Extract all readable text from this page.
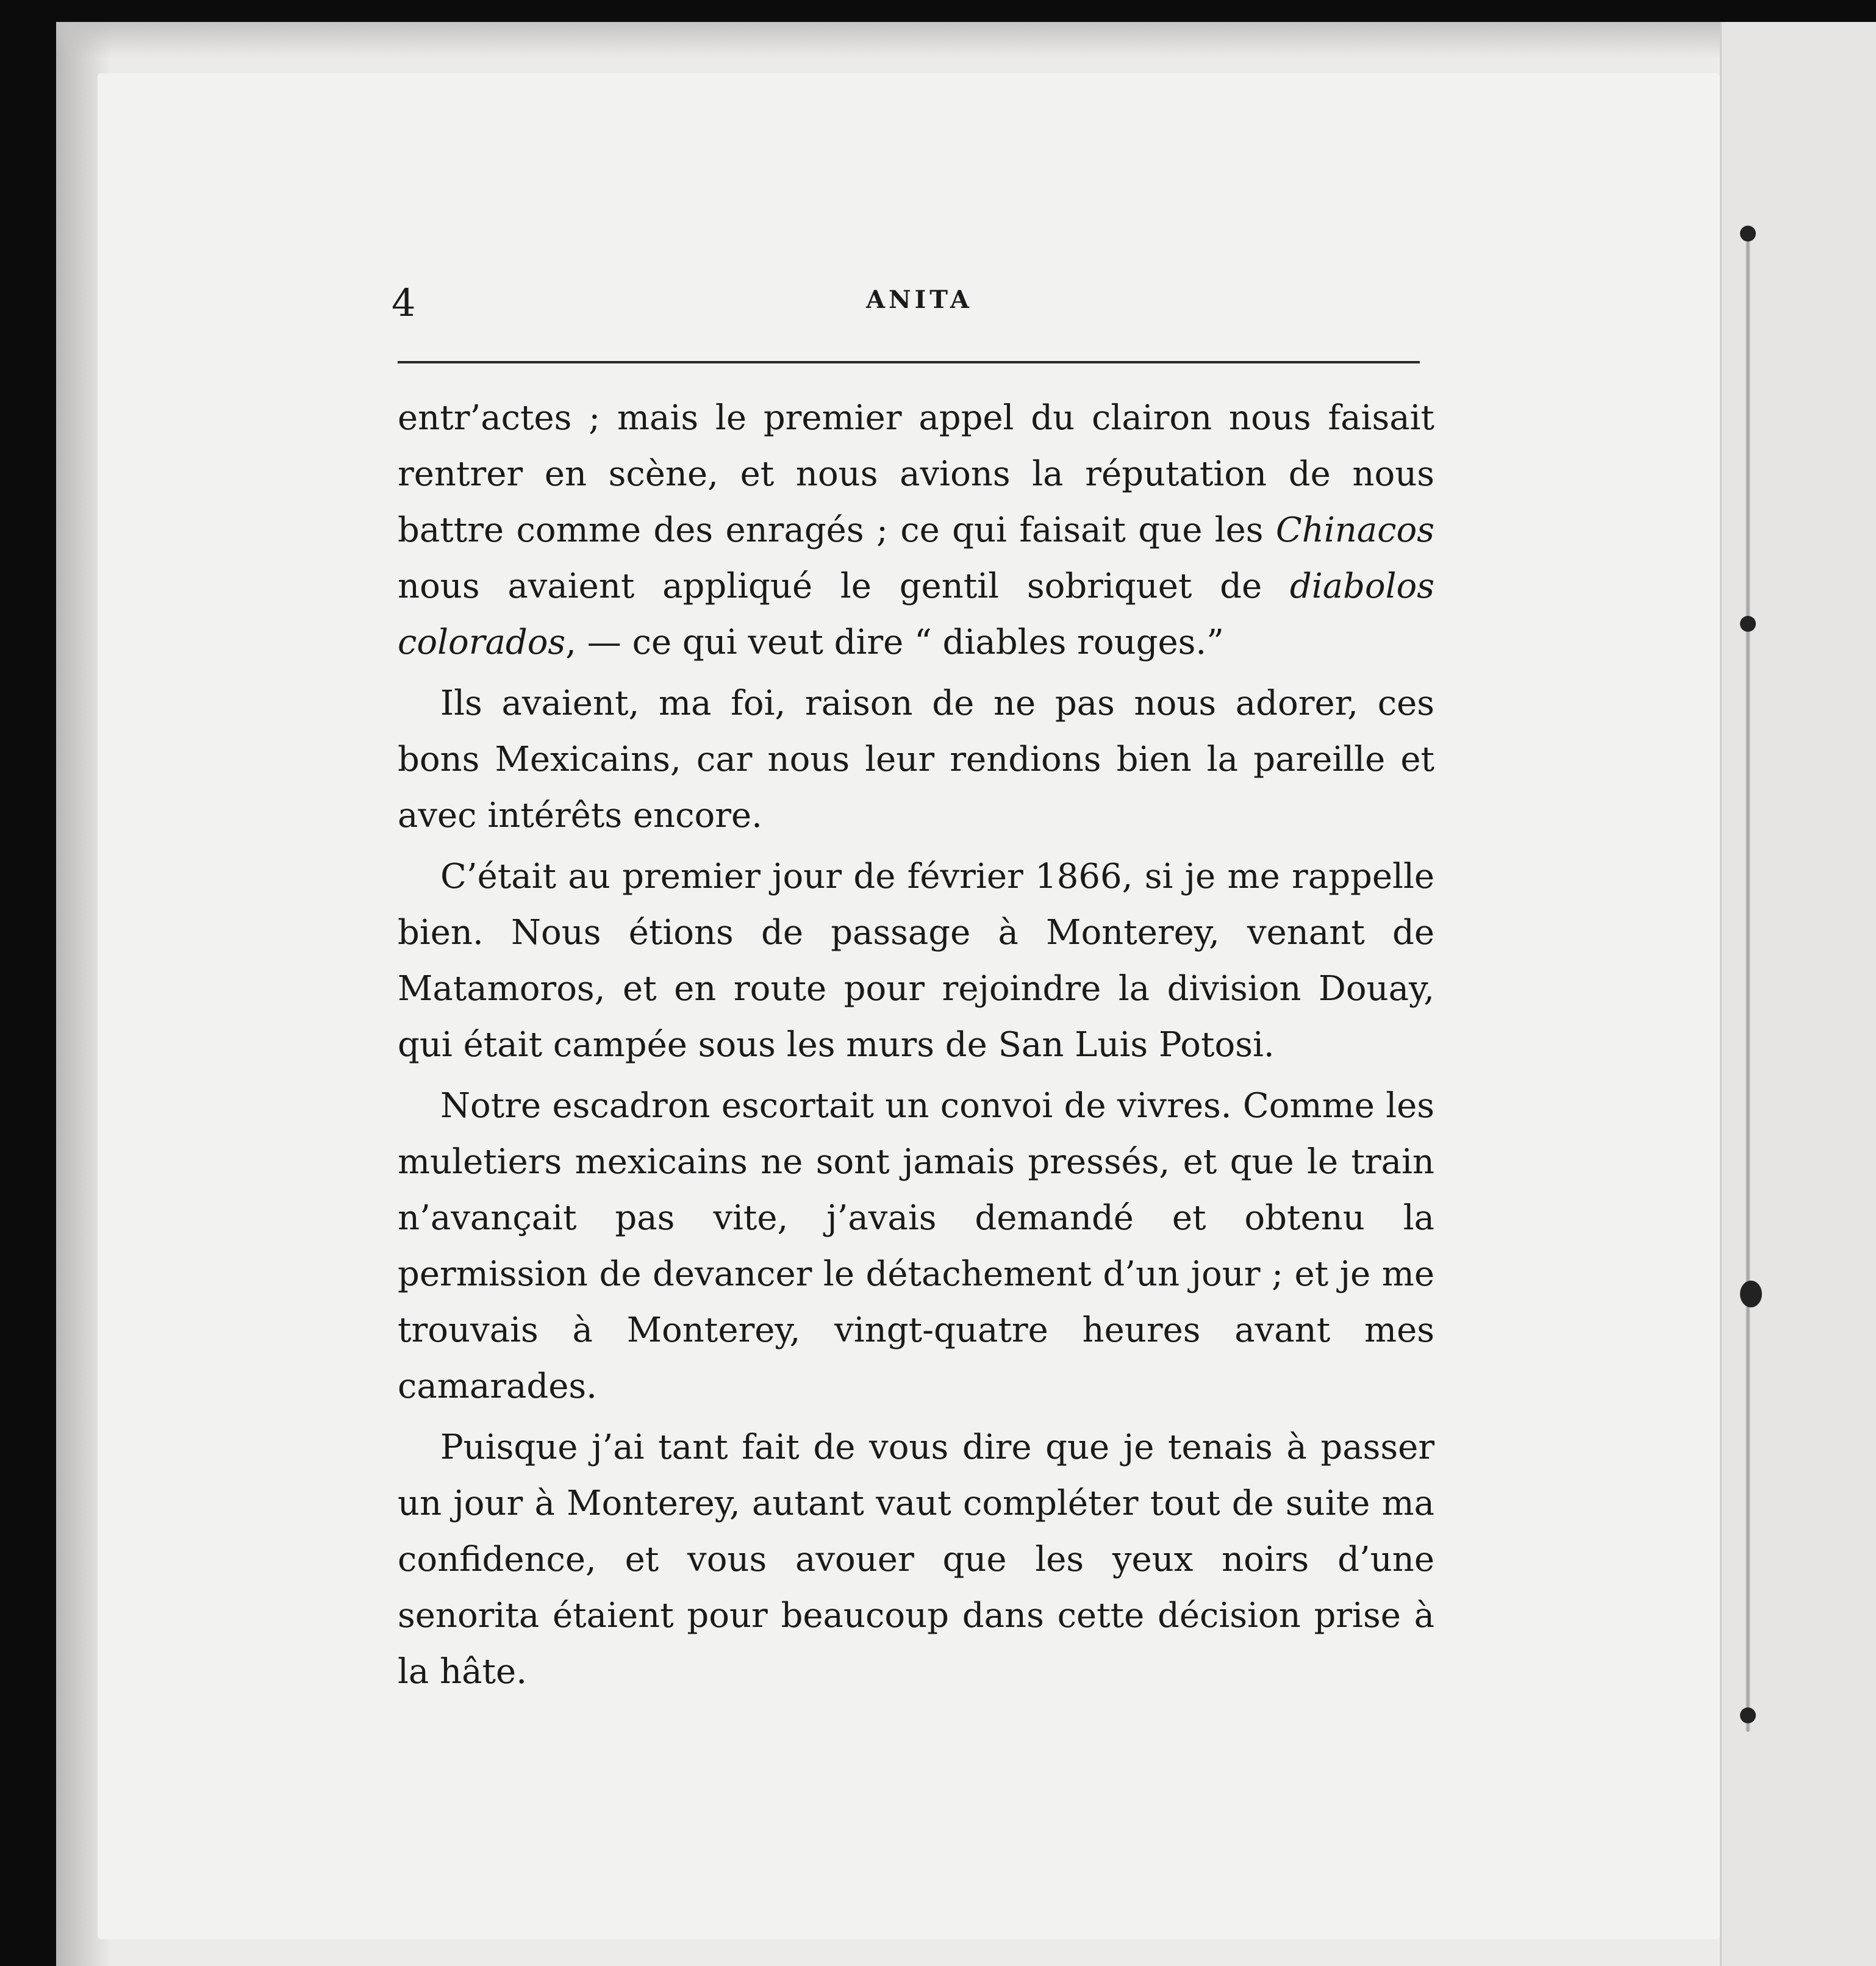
4	ANITA

entr’actes ; mais le premier appel du clairon nous faisait rentrer en scène, et nous avions la réputation de nous battre comme des enragés ; ce qui faisait que les Chinacos nous avaient appliqué le gentil sobriquet de diabolos colorados, — ce qui veut dire “ diables rouges.”

Ils avaient, ma foi, raison de ne pas nous adorer, ces bons Mexicains, car nous leur rendions bien la pareille et avec intérêts encore.

C’était au premier jour de février 1866, si je me rappelle bien. Nous étions de passage à Monterey, venant de Matamoros, et en route pour rejoindre la division Douay, qui était campée sous les murs de San Luis Potosi.

Notre escadron escortait un convoi de vivres. Comme les muletiers mexicains ne sont jamais pressés, et que le train n’avançait pas vite, j’avais demandé et obtenu la permission de devancer le détachement d’un jour ; et je me trouvais à Monterey, vingt-quatre heures avant mes camarades.

Puisque j’ai tant fait de vous dire que je tenais à passer un jour à Monterey, autant vaut compléter tout de suite ma confidence, et vous avouer que les yeux noirs d’une senorita étaient pour beaucoup dans cette décision prise à la hâte.
